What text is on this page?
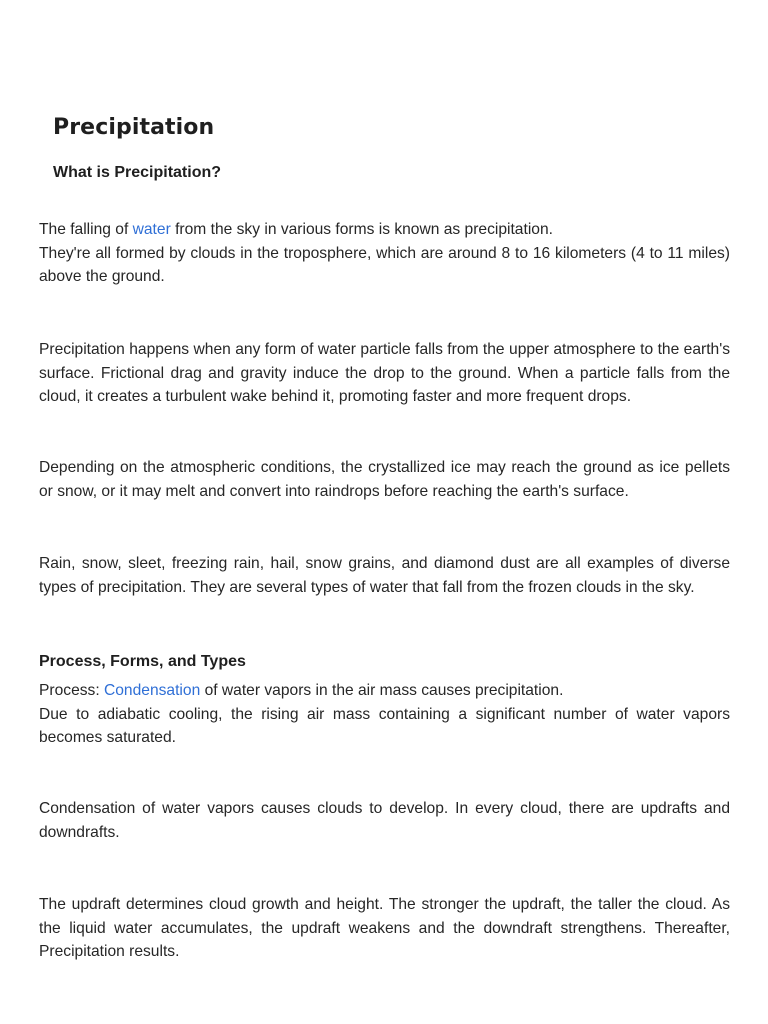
Precipitation
What is Precipitation?

The falling of water from the sky in various forms is known as precipitation.
They're all formed by clouds in the troposphere, which are around 8 to 16 kilometers (4 to 11 miles) above the ground.

Precipitation happens when any form of water particle falls from the upper atmosphere to the earth's surface. Frictional drag and gravity induce the drop to the ground. When a particle falls from the cloud, it creates a turbulent wake behind it, promoting faster and more frequent drops.

Depending on the atmospheric conditions, the crystallized ice may reach the ground as ice pellets or snow, or it may melt and convert into raindrops before reaching the earth's surface.

Rain, snow, sleet, freezing rain, hail, snow grains, and diamond dust are all examples of diverse types of precipitation. They are several types of water that fall from the frozen clouds in the sky.

Process, Forms, and Types

Process: Condensation of water vapors in the air mass causes precipitation.
Due to adiabatic cooling, the rising air mass containing a significant number of water vapors becomes saturated.

Condensation of water vapors causes clouds to develop. In every cloud, there are updrafts and downdrafts.

The updraft determines cloud growth and height. The stronger the updraft, the taller the cloud. As the liquid water accumulates, the updraft weakens and the downdraft strengthens. Thereafter, Precipitation results.
